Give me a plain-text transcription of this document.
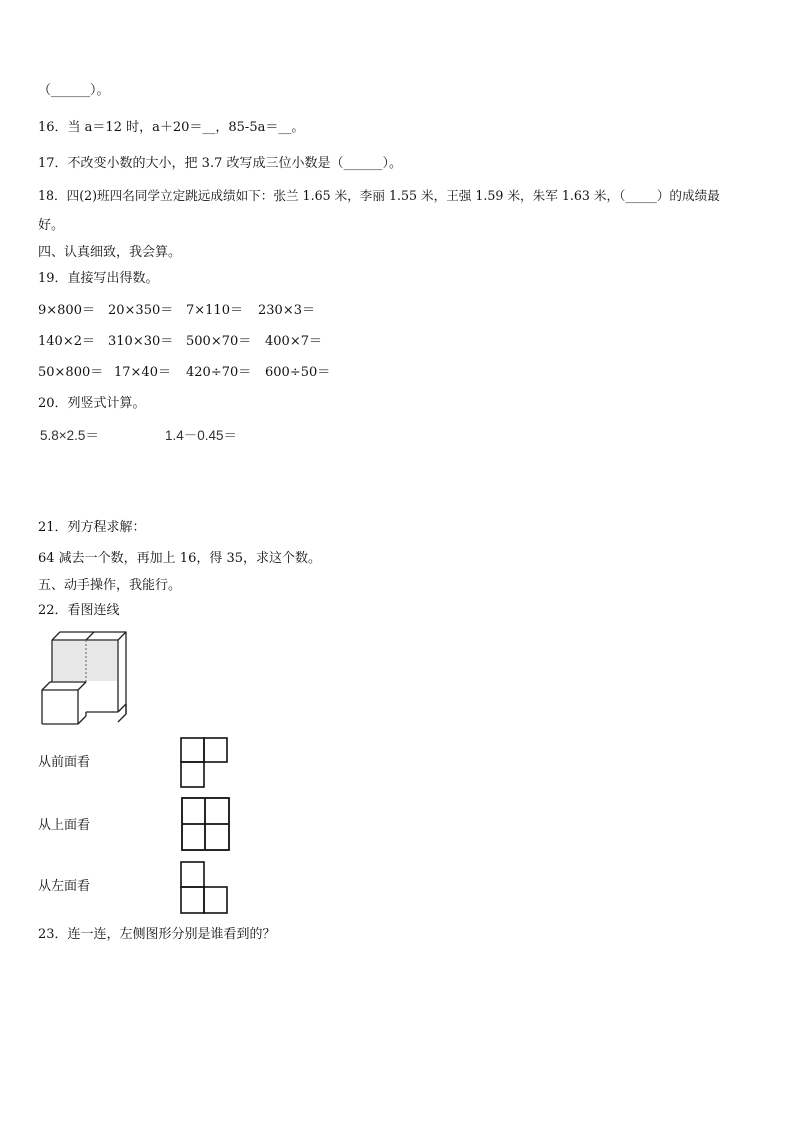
（______）。
16．当 a＝12 时，a＋20＝__，85-5a＝__。
17．不改变小数的大小，把 3.7 改写成三位小数是（______）。
18．四(2)班四名同学立定跳远成绩如下：张兰 1.65 米，李丽 1.55 米，王强 1.59 米，朱军 1.63 米，（_____）的成绩最
好。
四、认真细致，我会算。
19．直接写出得数。
9×800＝ 20×350＝ 7×110＝ 230×3＝
140×2＝ 310×30＝ 500×70＝ 400×7＝
50×800＝ 17×40＝ 420÷70＝ 600÷50＝
20．列竖式计算。
5.8×2.5＝	1.4－0.45＝
21．列方程求解：
64 减去一个数，再加上 16，得 35，求这个数。
五、动手操作，我能行。
22．看图连线
从前面看
从上面看
从左面看
23．连一连，左侧图形分别是谁看到的？
